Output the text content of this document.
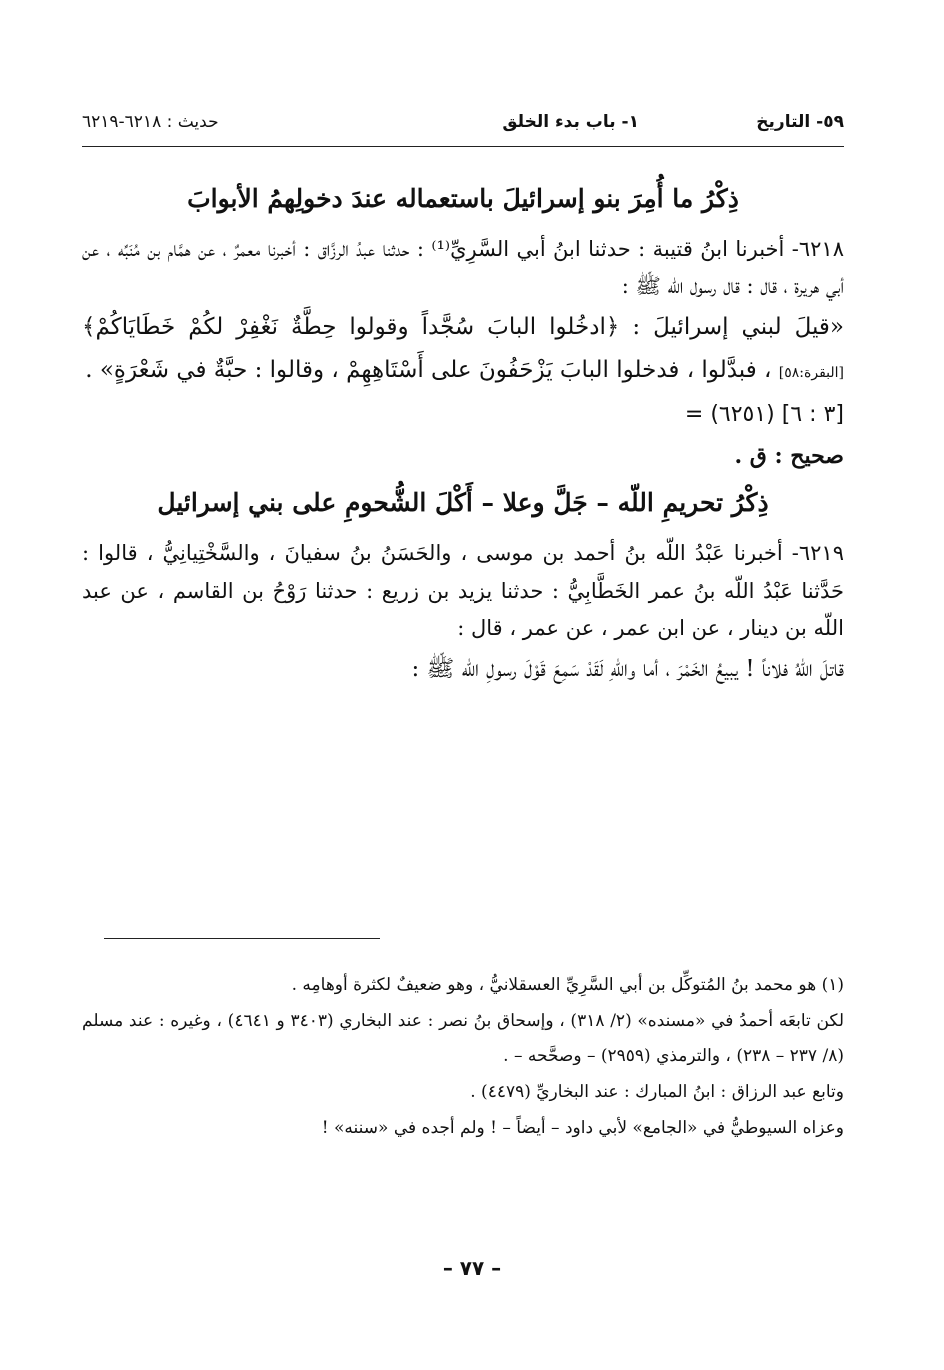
٥٩- التاريخ
١- باب بدء الخلق
حديث : ٦٢١٨-٦٢١٩
ذِكْرُ ما أُمِرَ بنو إسرائيلَ باستعماله عندَ دخولِهمُ الأبوابَ

٦٢١٨- أخبرنا ابنُ قتيبة : حدثنا ابنُ أبي السَّرِيِّ⁽¹⁾ : حدثنا عبدُ الرزَّاق : أخبرنا معمرٌ ، عن همَّام بن مُنَبِّه ، عن أبي هريرة ، قال : قال رسول اللّه ﷺ :

«قيلَ لبني إسرائيلَ : ﴿ادخُلوا البابَ سُجَّداً وقولوا حِطَّةٌ نَغْفِرْ لكُمْ خَطَايَاكُمْ﴾ [البقرة:٥٨] ، فبدَّلوا ، فدخلوا البابَ يَزْحَفُونَ على أَسْتَاهِهِمْ ، وقالوا : حبَّةٌ في شَعْرَةٍ» .

= (٦٢٥١) [٣ : ٦]
صحيح : ق .
ذِكْرُ تحريمِ اللّه – جَلَّ وعلا – أَكْلَ الشُّحومِ على بني إسرائيل

٦٢١٩- أخبرنا عَبْدُ اللّه بنُ أحمد بن موسى ، والحَسَنُ بنُ سفيانَ ، والسَّخْتِيانِيُّ ، قالوا : حَدَّثنا عَبْدُ اللّه بنُ عمر الخَطَّابِيُّ : حدثنا يزيد بن زريع : حدثنا رَوْحُ بن القاسم ، عن عبد اللّه بن دينار ، عن ابن عمر ، عن عمر ، قال :

قاتلَ اللّهُ فلاناً ! يبيعُ الخَمْرَ ، أما واللّهِ لَقَدْ سَمِعَ قَوْلَ رسولِ اللّه ﷺ :

(١) هو محمد بنُ المُتوكِّل بن أبي السَّرِيِّ العسقلانيُّ ، وهو ضعيفٌ لكثرة أوهامِه .

لكن تابعَه أحمدُ في «مسنده» (٢/ ٣١٨) ، وإسحاق بنُ نصر : عند البخاري (٣٤٠٣ و ٤٦٤١) ، وغيره : عند مسلم (٨/ ٢٣٧ – ٢٣٨) ، والترمذي (٢٩٥٩) – وصحَّحه – .

وتابع عبد الرزاق : ابنُ المبارك : عند البخاريِّ (٤٤٧٩) .

وعزاه السيوطيُّ في «الجامع» لأبي داود – أيضاً – ! ولم أجده في «سننه» !

– ٧٧ –
